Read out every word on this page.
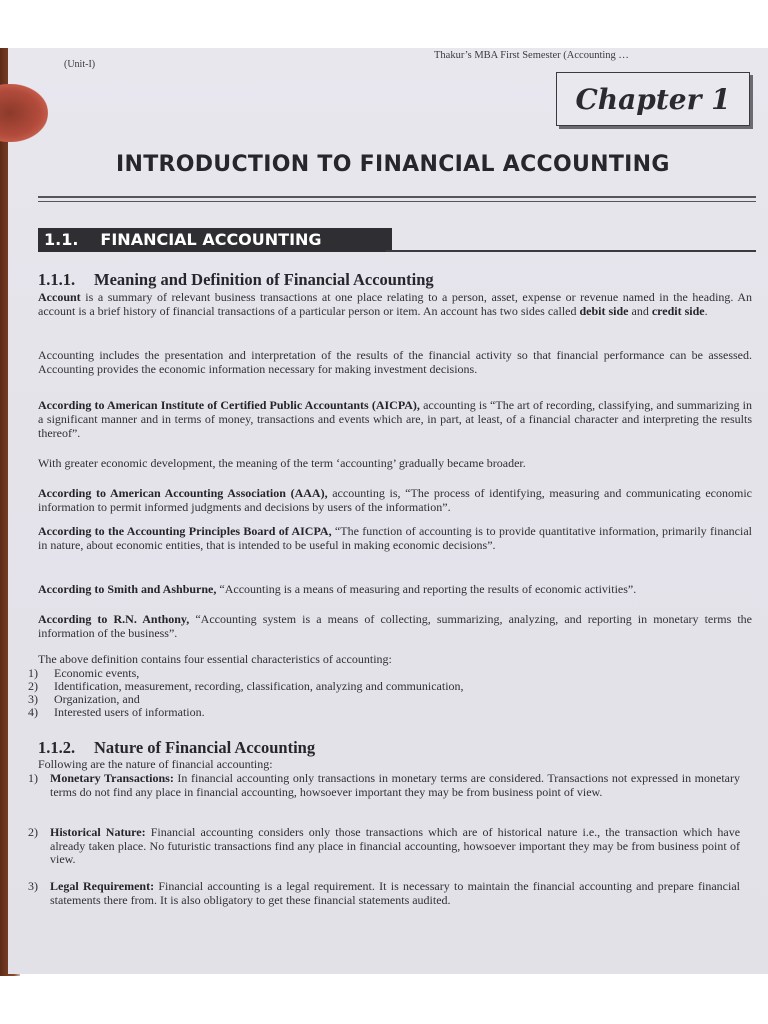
(Unit-I)
Thakur’s MBA First Semester (Accounting …
Chapter 1
INTRODUCTION TO FINANCIAL ACCOUNTING
1.1. FINANCIAL ACCOUNTING
1.1.1. Meaning and Definition of Financial Accounting
Account is a summary of relevant business transactions at one place relating to a person, asset, expense or revenue named in the heading. An account is a brief history of financial transactions of a particular person or item. An account has two sides called debit side and credit side.
Accounting includes the presentation and interpretation of the results of the financial activity so that financial performance can be assessed. Accounting provides the economic information necessary for making investment decisions.
According to American Institute of Certified Public Accountants (AICPA), accounting is “The art of recording, classifying, and summarizing in a significant manner and in terms of money, transactions and events which are, in part, at least, of a financial character and interpreting the results thereof”.
With greater economic development, the meaning of the term ‘accounting’ gradually became broader.
According to American Accounting Association (AAA), accounting is, “The process of identifying, measuring and communicating economic information to permit informed judgments and decisions by users of the information”.
According to the Accounting Principles Board of AICPA, “The function of accounting is to provide quantitative information, primarily financial in nature, about economic entities, that is intended to be useful in making economic decisions”.
According to Smith and Ashburne, “Accounting is a means of measuring and reporting the results of economic activities”.
According to R.N. Anthony, “Accounting system is a means of collecting, summarizing, analyzing, and reporting in monetary terms the information of the business”.
The above definition contains four essential characteristics of accounting:
1)	Economic events,
2)	Identification, measurement, recording, classification, analyzing and communication,
3)	Organization, and
4)	Interested users of information.
1.1.2. Nature of Financial Accounting
Following are the nature of financial accounting:
1)	Monetary Transactions: In financial accounting only transactions in monetary terms are considered. Transactions not expressed in monetary terms do not find any place in financial accounting, howsoever important they may be from business point of view.
2)	Historical Nature: Financial accounting considers only those transactions which are of historical nature i.e., the transaction which have already taken place. No futuristic transactions find any place in financial accounting, howsoever important they may be from business point of view.
3)	Legal Requirement: Financial accounting is a legal requirement. It is necessary to maintain the financial accounting and prepare financial statements there from. It is also obligatory to get these financial statements audited.
